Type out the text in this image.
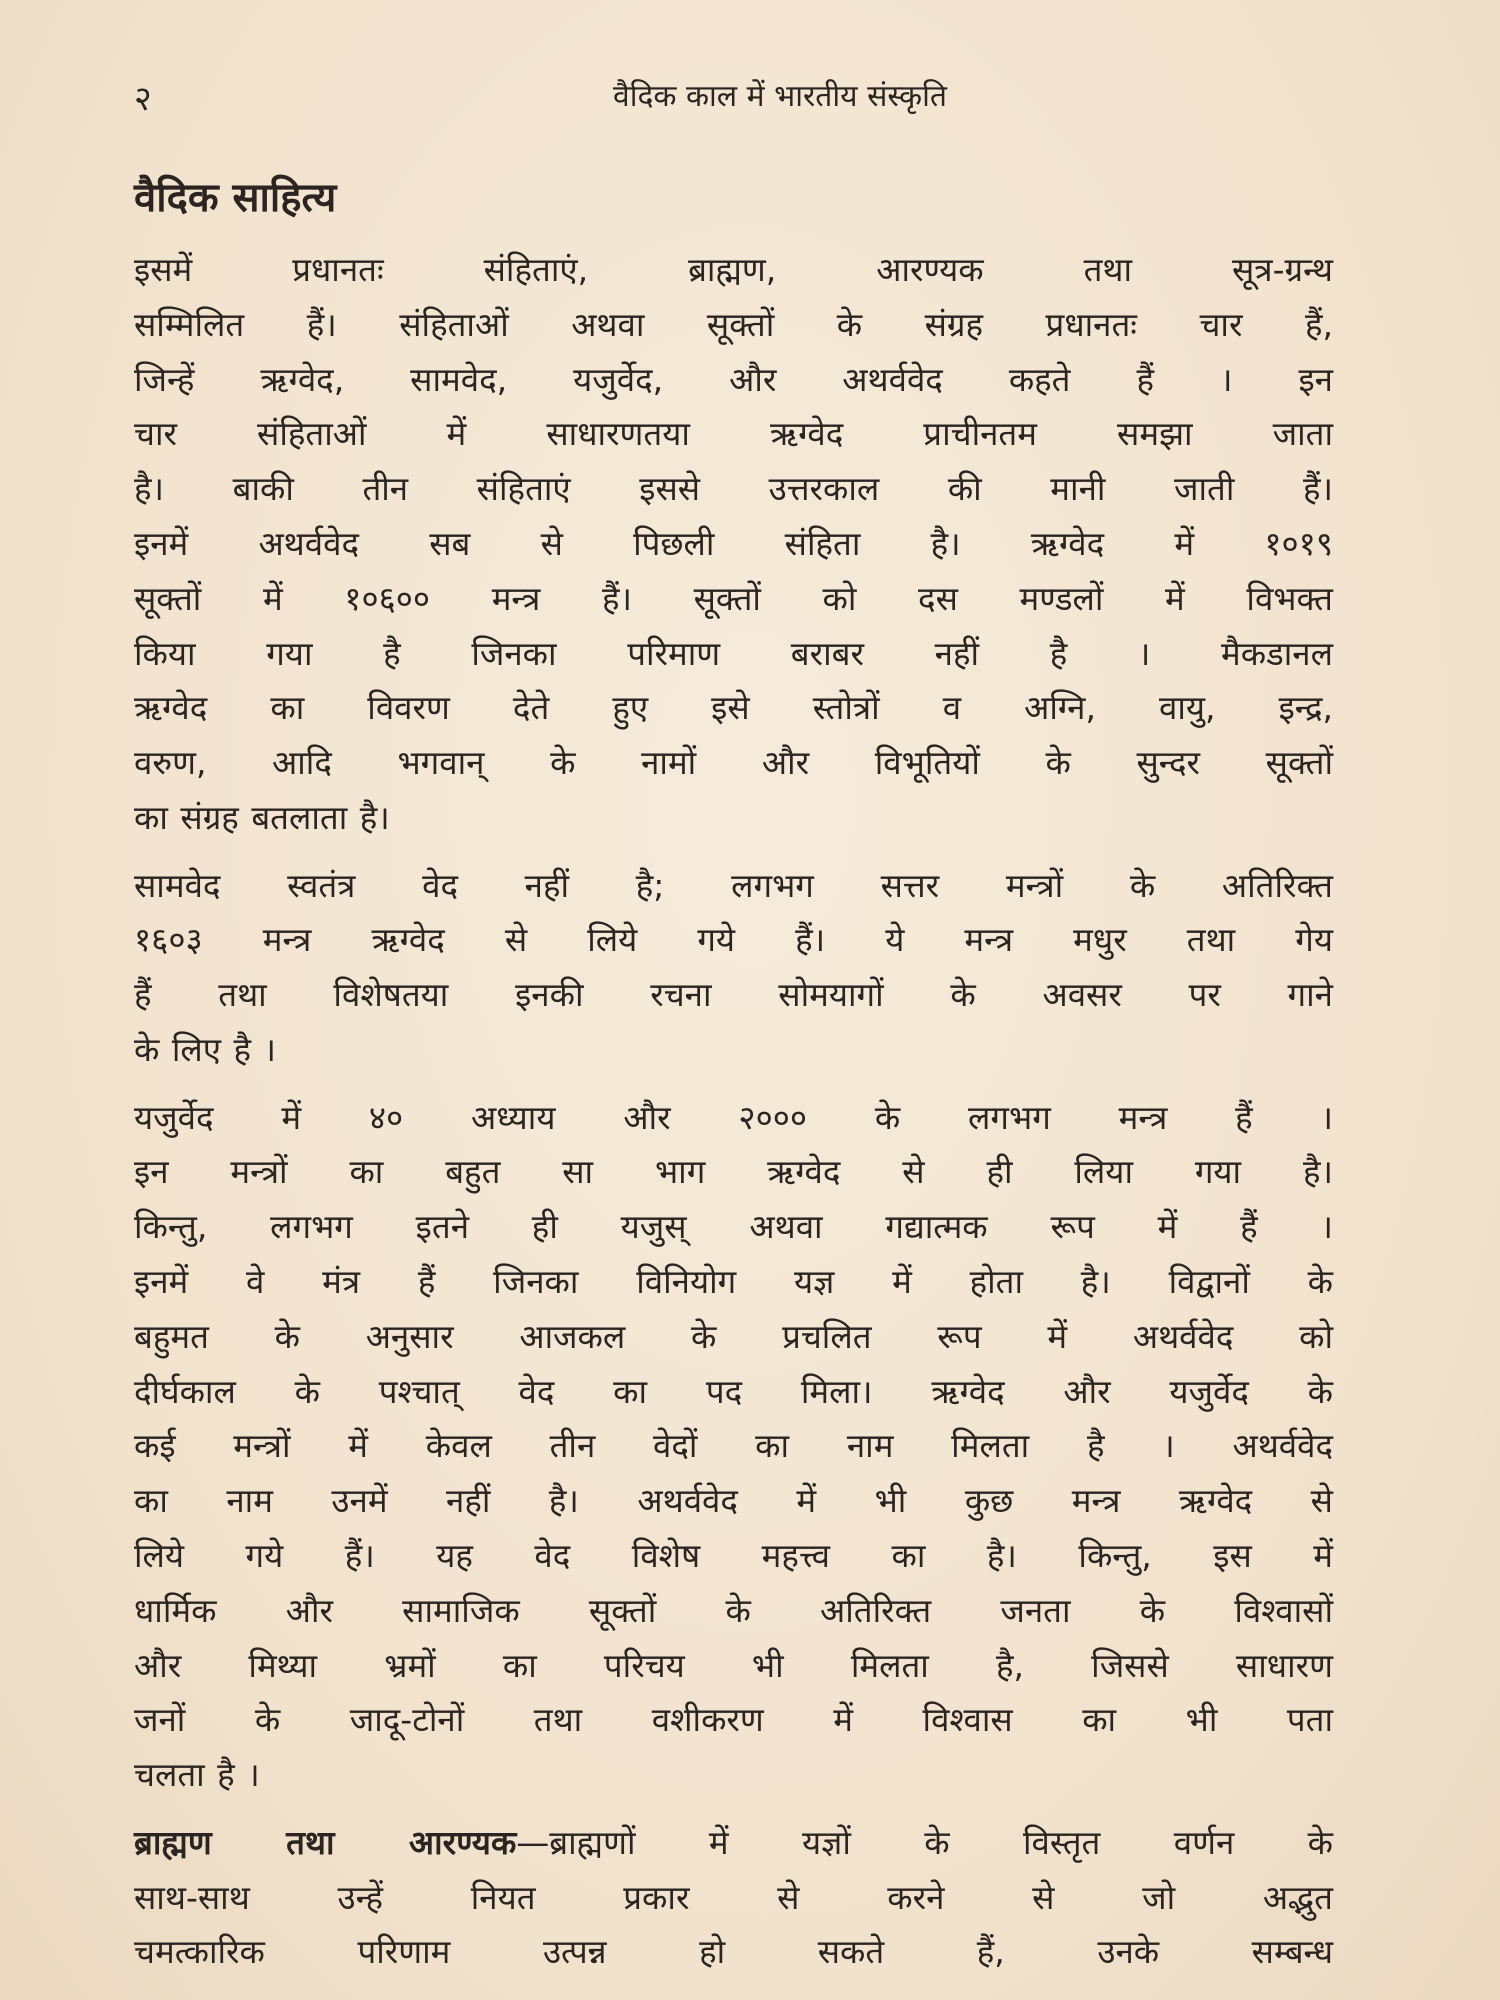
२	वैदिक काल में भारतीय संस्कृति
वैदिक साहित्य
इसमें प्रधानतः संहिताएं, ब्राह्मण, आरण्यक तथा सूत्र-ग्रन्थ
सम्मिलित हैं। संहिताओं अथवा सूक्तों के संग्रह प्रधानतः चार हैं,
जिन्हें ऋग्वेद, सामवेद, यजुर्वेद, और अथर्ववेद कहते हैं । इन
चार संहिताओं में साधारणतया ऋग्वेद प्राचीनतम समझा जाता
है। बाकी तीन संहिताएं इससे उत्तरकाल की मानी जाती हैं।
इनमें अथर्ववेद सब से पिछली संहिता है। ऋग्वेद में १०१९
सूक्तों में १०६०० मन्त्र हैं। सूक्तों को दस मण्डलों में विभक्त
किया गया है जिनका परिमाण बराबर नहीं है । मैकडानल
ऋग्वेद का विवरण देते हुए इसे स्तोत्रों व अग्नि, वायु, इन्द्र,
वरुण, आदि भगवान् के नामों और विभूतियों के सुन्दर सूक्तों
का संग्रह बतलाता है।
सामवेद स्वतंत्र वेद नहीं है; लगभग सत्तर मन्त्रों के अतिरिक्त
१६०३ मन्त्र ऋग्वेद से लिये गये हैं। ये मन्त्र मधुर तथा गेय
हैं तथा विशेषतया इनकी रचना सोमयागों के अवसर पर गाने
के लिए है ।
यजुर्वेद में ४० अध्याय और २००० के लगभग मन्त्र हैं ।
इन मन्त्रों का बहुत सा भाग ऋग्वेद से ही लिया गया है।
किन्तु, लगभग इतने ही यजुस् अथवा गद्यात्मक रूप में हैं ।
इनमें वे मंत्र हैं जिनका विनियोग यज्ञ में होता है। विद्वानों के
बहुमत के अनुसार आजकल के प्रचलित रूप में अथर्ववेद को
दीर्घकाल के पश्चात् वेद का पद मिला। ऋग्वेद और यजुर्वेद के
कई मन्त्रों में केवल तीन वेदों का नाम मिलता है । अथर्ववेद
का नाम उनमें नहीं है। अथर्ववेद में भी कुछ मन्त्र ऋग्वेद से
लिये गये हैं। यह वेद विशेष महत्त्व का है। किन्तु, इस में
धार्मिक और सामाजिक सूक्तों के अतिरिक्त जनता के विश्वासों
और मिथ्या भ्रमों का परिचय भी मिलता है, जिससे साधारण
जनों के जादू-टोनों तथा वशीकरण में विश्वास का भी पता
चलता है ।
ब्राह्मण तथा आरण्यक—ब्राह्मणों में यज्ञों के विस्तृत वर्णन के
साथ-साथ उन्हें नियत प्रकार से करने से जो अद्भुत
चमत्कारिक परिणाम उत्पन्न हो सकते हैं, उनके सम्बन्ध
